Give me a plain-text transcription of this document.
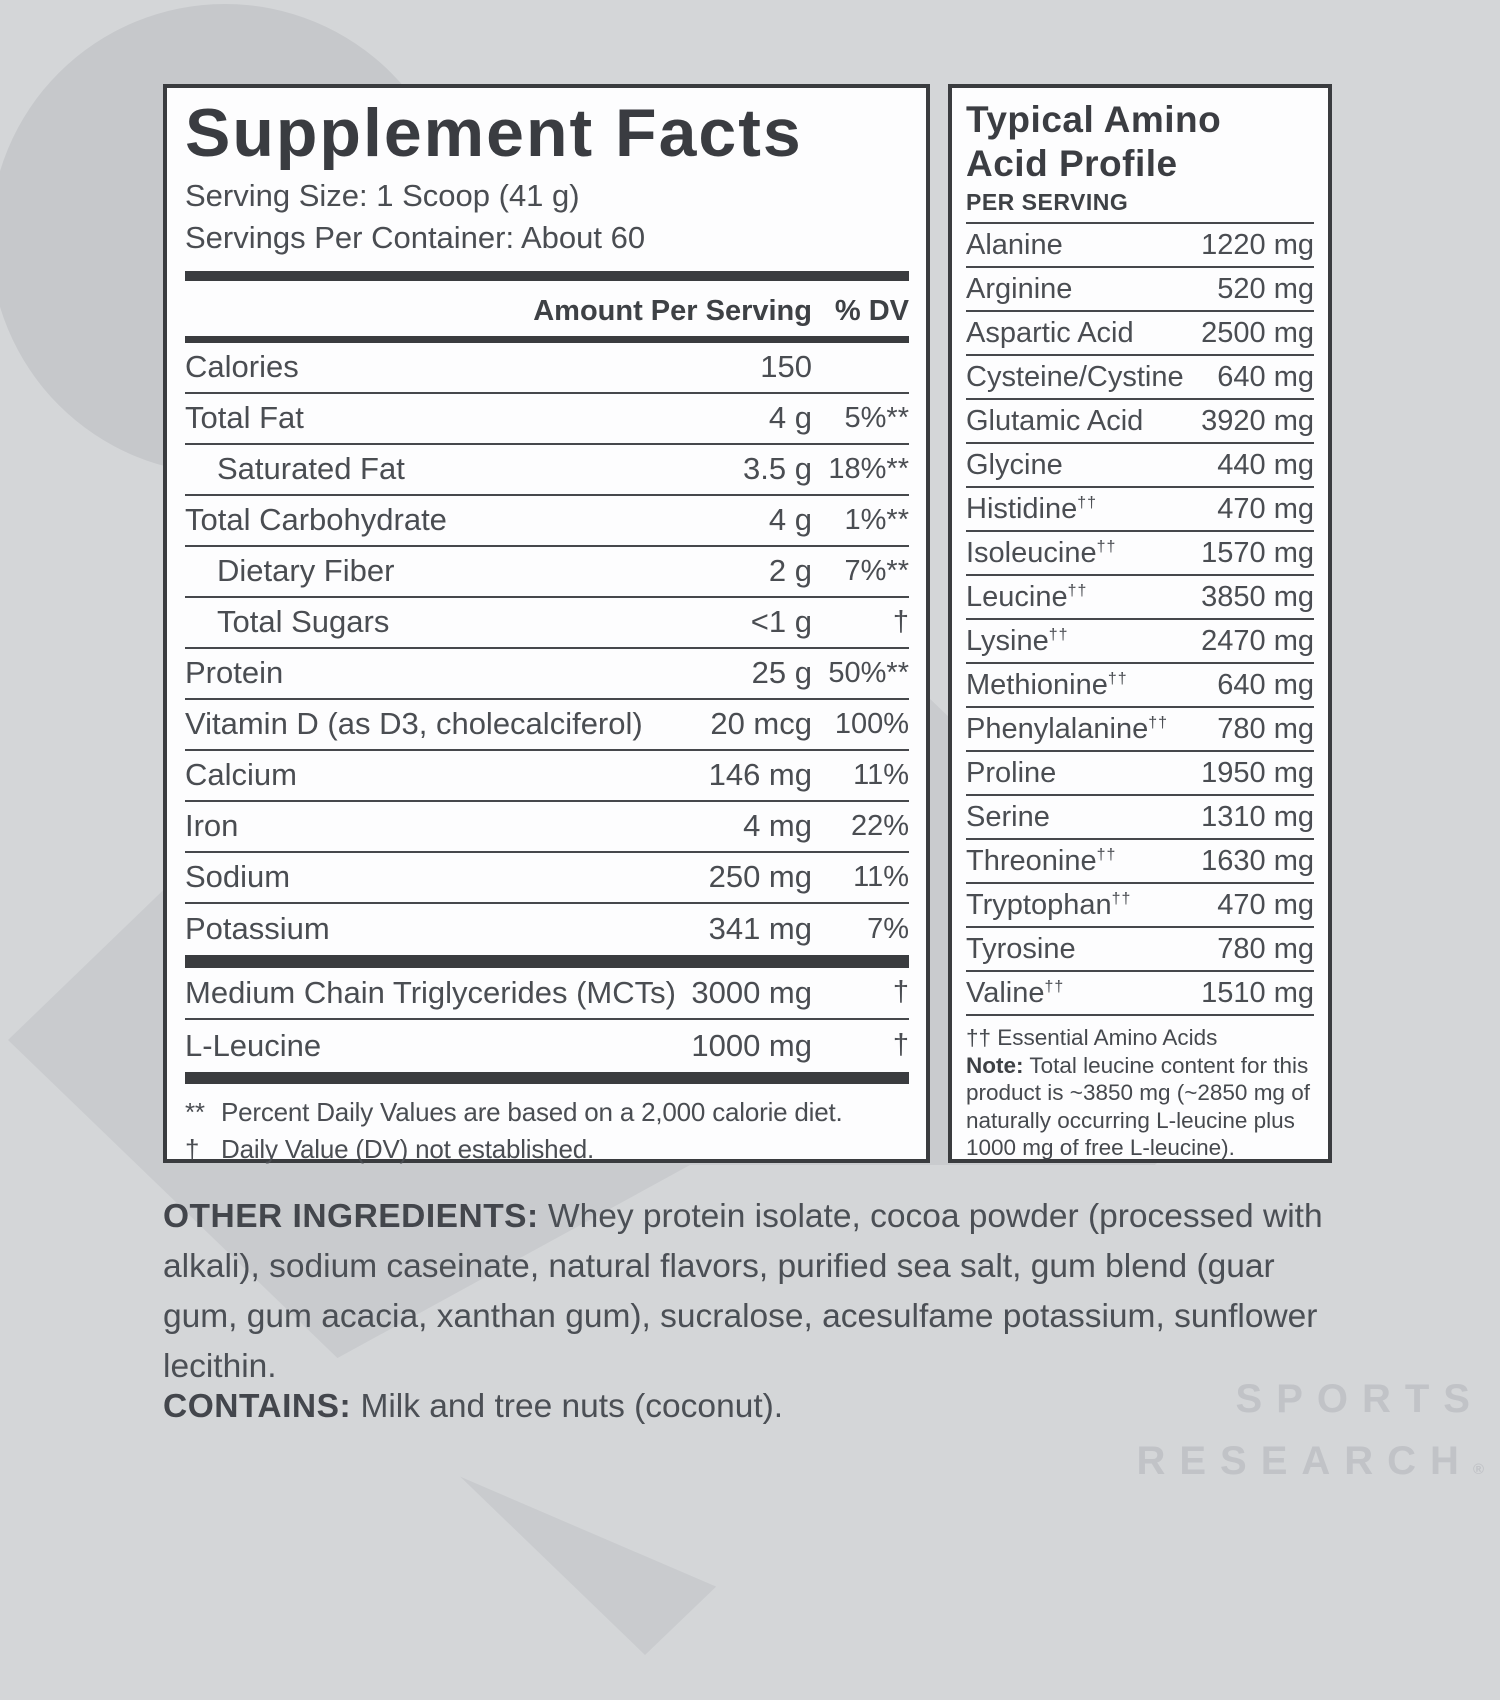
SPORTS
RESEARCH®
Supplement Facts
Serving Size: 1 Scoop (41 g)
Servings Per Container: About 60
Amount Per Serving % DV
Calories	150
Total Fat	4 g	5%**
Saturated Fat	3.5 g 18%**
Total Carbohydrate	4 g	1%**
Dietary Fiber	2 g	7%**
Total Sugars	<1 g	†
Protein	25 g 50%**
Vitamin D (as D3, cholecalciferol)	20 mcg 100%
Calcium	146 mg	11%
Iron	4 mg	22%
Sodium	250 mg	11%
Potassium	341 mg	7%
Medium Chain Triglycerides (MCTs) 3000 mg	†
L-Leucine	1000 mg	†
** Percent Daily Values are based on a 2,000 calorie diet.
† Daily Value (DV) not established.
Typical Amino
Acid Profile
PER SERVING
Alanine	1220 mg
Arginine	520 mg
Aspartic Acid 2500 mg
Cysteine/Cystine 640 mg
Glutamic Acid 3920 mg
Glycine	440 mg
Histidine††	470 mg
Isoleucine††	1570 mg
Leucine††	3850 mg
Lysine††	2470 mg
Methionine††	640 mg
Phenylalanine†† 780 mg
Proline	1950 mg
Serine	1310 mg
Threonine††	1630 mg
Tryptophan††	470 mg
Tyrosine	780 mg
Valine††	1510 mg
†† Essential Amino Acids
Note: Total leucine content for this product is ~3850 mg (~2850 mg of naturally occurring L-leucine plus 1000 mg of free L-leucine).
OTHER INGREDIENTS: Whey protein isolate, cocoa powder (processed with alkali), sodium caseinate, natural flavors, purified sea salt, gum blend (guar gum, gum acacia, xanthan gum), sucralose, acesulfame potassium, sunflower lecithin.
CONTAINS: Milk and tree nuts (coconut).
